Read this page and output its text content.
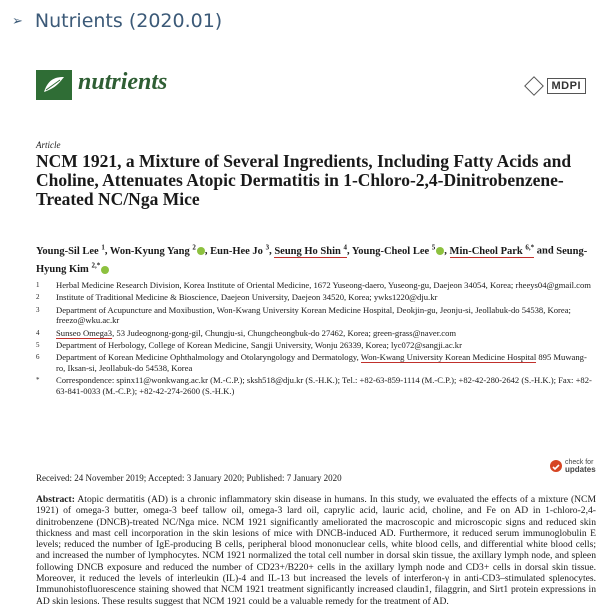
➢ Nutrients (2020.01)
nutrients	MDPI
Article
NCM 1921, a Mixture of Several Ingredients, Including Fatty Acids and Choline, Attenuates Atopic Dermatitis in 1-Chloro-2,4-Dinitrobenzene-Treated NC/Nga Mice
Young-Sil Lee $^1$, Won-Kyung Yang $^2$ , Eun-Hee Jo $^3$, Seung Ho Shin $^4$, Young-Cheol Lee $^5$ , Min-Cheol Park $^{6,*}$ and Seung-Hyung Kim $^{2,*}$
1	Herbal Medicine Research Division, Korea Institute of Oriental Medicine, 1672 Yuseong-daero, Yuseong-gu, Daejeon 34054, Korea; rheeys04@gmail.com
2	Institute of Traditional Medicine & Bioscience, Daejeon University, Daejeon 34520, Korea; ywks1220@dju.kr
3	Department of Acupuncture and Moxibustion, Won-Kwang University Korean Medicine Hospital, Deokjin-gu, Jeonju-si, Jeollabuk-do 54538, Korea; freezo@wku.ac.kr
4	Sunseo Omega3, 53 Judeognong-gong-gil, Chungju-si, Chungcheongbuk-do 27462, Korea; green-grass@naver.com
5	Department of Herbology, College of Korean Medicine, Sangji University, Wonju 26339, Korea; lyc072@sangji.ac.kr
6	Department of Korean Medicine Ophthalmology and Otolaryngology and Dermatology, Won-Kwang University Korean Medicine Hospital 895 Muwang-ro, Iksan-si, Jeollabuk-do 54538, Korea
*	Correspondence: spinx11@wonkwang.ac.kr (M.-C.P.); sksh518@dju.kr (S.-H.K.); Tel.: +82-63-859-1114 (M.-C.P.); +82-42-280-2642 (S.-H.K.); Fax: +82-63-841-0033 (M.-C.P.); +82-42-274-2600 (S.-H.K.)
Received: 24 November 2019; Accepted: 3 January 2020; Published: 7 January 2020
check for
updates
Abstract: Atopic dermatitis (AD) is a chronic inflammatory skin disease in humans. In this study, we evaluated the effects of a mixture (NCM 1921) of omega-3 butter, omega-3 beef tallow oil, omega-3 lard oil, caprylic acid, lauric acid, choline, and Fe on AD in 1-chloro-2,4-dinitrobenzene (DNCB)-treated NC/Nga mice. NCM 1921 significantly ameliorated the macroscopic and microscopic signs and reduced skin thickness and mast cell incorporation in the skin lesions of mice with DNCB-induced AD. Furthermore, it reduced serum immunoglobulin E levels; reduced the number of IgE-producing B cells, peripheral blood mononuclear cells, white blood cells, and differential white blood cells; and increased the number of lymphocytes. NCM 1921 normalized the total cell number in dorsal skin tissue, the axillary lymph node, and spleen following DNCB exposure and reduced the number of CD23+/B220+ cells in the axillary lymph node and CD3+ cells in dorsal skin tissue. Moreover, it reduced the levels of interleukin (IL)-4 and IL-13 but increased the levels of interferon-γ in anti-CD3–stimulated splenocytes. Immunohistofluorescence staining showed that NCM 1921 treatment significantly increased claudin1, filaggrin, and Sirt1 protein expressions in AD skin lesions. These results suggest that NCM 1921 could be a valuable remedy for the treatment of AD.
